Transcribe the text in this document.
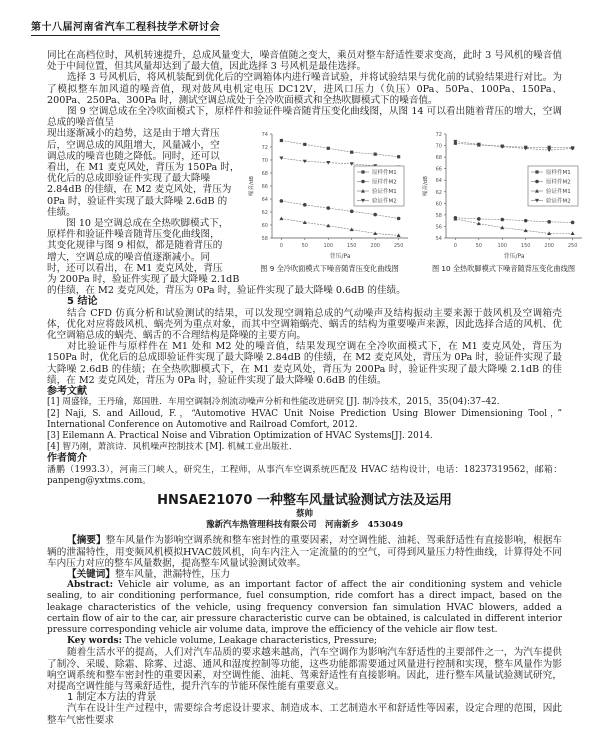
第十八届河南省汽车工程科技学术研讨会

同比在高档位时，风机转速提升，总成风量变大，噪音值随之变大，乘员对整车舒适性要求变高，此时 3 号风机的噪音值处于中间位置，但其风量却达到了最大值，因此选择 3 号风机是最佳选择。

选择 3 号风机后，将风机装配到优化后的空调箱体内进行噪音试验，并将试验结果与优化前的试验结果进行对比。为了模拟整车加风道的噪音值，现对鼓风电机定电压 DC12V，进风口压力（负压）0Pa、50Pa、100Pa、150Pa、200Pa、250Pa、300Pa 时，测试空调总成处于全冷吹面模式和全热吹脚模式下的噪音值。

图 9 空调总成在全冷吹面模式下，原样件和验证件噪音随背压变化曲线图，从图 14 可以看出随着背压的增大，空调总成的噪音值呈

现出逐渐减小的趋势，这是由于增大背压
后，空调总成的风阻增大，风量减小，空
调总成的噪音也随之降低。同时，还可以
看出，在 M1 麦克风处，背压为 150Pa 时，
优化后的总成即验证件实现了最大降噪
2.84dB 的佳绩，在 M2 麦克风处，背压为
0Pa 时，验证件实现了最大降噪 2.6dB 的
佳绩。
　　图 10 是空调总成在全热吹脚模式下，
原样件和验证件噪音随背压变化曲线图，
其变化规律与图 9 相似，都是随着背压的
增大，空调总成的噪音值逐渐减小。同
时，还可以看出，在 M1 麦克风处，背压
为 200Pa 时，验证件实现了最大降噪 2.1dB
58
60
62
64
66
68
70
72
74
0	50	100	150	200	250
背压/Pa
噪音/dB
原样件M1
原样件M2
验证件M1
验证件M2
图 9 全冷吹面模式下噪音随背压变化曲线图
54
56
58
60
62
64
66
68
70
72
0	50	100	150	200	250
背压/Pa
噪音/dB
原样件M1
原样件M2
验证件M1
验证件M2
图 10 全热吹脚模式下噪音随背压变化曲线图
的佳绩，在 M2 麦克风处，背压为 0Pa 时，验证件实现了最大降噪 0.6dB 的佳绩。
5 结论

结合 CFD 仿真分析和试验测试的结果，可以发现空调箱总成的气动噪声及结构振动主要来源于鼓风机及空调箱壳体，优化对应将鼓风机、蜗壳列为重点对象，而其中空调箱蜗壳、蜗舌的结构为重要噪声来源，因此选择合适的风机、优化空调箱总成的蜗壳、蜗舌的不合理结构是降噪的主要方向。

对比验证件与原样件在 M1 处和 M2 处的噪音值，结果发现空调在全冷吹面模式下，在 M1 麦克风处，背压为 150Pa 时，优化后的总成即验证件实现了最大降噪 2.84dB 的佳绩，在 M2 麦克风处，背压为 0Pa 时，验证件实现了最大降噪 2.6dB 的佳绩；在全热吹脚模式下，在 M1 麦克风处，背压为 200Pa 时，验证件实现了最大降噪 2.1dB 的佳绩，在 M2 麦克风处，背压为 0Pa 时，验证件实现了最大降噪 0.6dB 的佳绩。

参考文献

[1] 周盛锋，王丹瑜，郑国胜．车用空调制冷剂流动噪声分析和性能改进研究 [J]. 制冷技术，2015，35(04):37–42.

[2] Naji, S. and Ailloud, F.，“Automotive HVAC Unit Noise Prediction Using Blower Dimensioning Tool，” International Conference on Automotive and Railroad Comfort, 2012.

[3] Eilemann A. Practical Noise and Vibration Optimization of HVAC Systems[J]. 2014.

[4] 智乃刚，萧滨诗．风机噪声控制技术 [M]. 机械工业出版社．

作者简介

潘鹏（1993.3），河南三门峡人，研究生，工程师，从事汽车空调系统匹配及 HVAC 结构设计，电话：18237319562，邮箱：panpeng@yxtms.com。

HNSAE21070 一种整车风量试验测试方法及运用
蔡帅
豫新汽车热管理科技有限公司　河南新乡　453049

【摘要】整车风量作为影响空调系统和整车密封性的重要因素，对空调性能、油耗、驾乘舒适性有直接影响，根据车辆的泄漏特性，用变频风机模拟HVAC鼓风机，向车内注入一定流量的的空气，可得到风量压力特性曲线，计算得处不同车内压力对应的整车风量数据，提高整车风量试验测试效率。

【关键词】整车风量，泄漏特性，压力

Abstract: Vehicle air volume, as an important factor of affect the air conditioning system and vehicle sealing, to air conditioning performance, fuel consumption, ride comfort has a direct impact, based on the leakage characteristics of the vehicle, using frequency conversion fan simulation HVAC blowers, added a certain flow of air to the car, air pressure characteristic curve can be obtained, is calculated in different interior pressure corresponding vehicle air volume data, improve the efficiency of the vehicle air flow test.

Key words: The vehicle volume, Leakage characteristics, Pressure;

随着生活水平的提高，人们对汽车品质的要求越来越高，汽车空调作为影响汽车舒适性的主要部件之一，为汽车提供了制冷、采暖、除霜、除雾、过滤、通风和湿度控制等功能，这些功能都需要通过风量进行控制和实现，整车风量作为影响空调系统和整车密封性的重要因素，对空调性能、油耗、驾乘舒适性有直接影响。因此，进行整车风量试验测试研究，对提高空调性能与驾乘舒适性，提升汽车的节能环保性能有重要意义。

1 制定本方法的背景

汽车在设计生产过程中，需要综合考虑设计要求、制造成本、工艺制造水平和舒适性等因素，设定合理的范围，因此整车气密性要求
